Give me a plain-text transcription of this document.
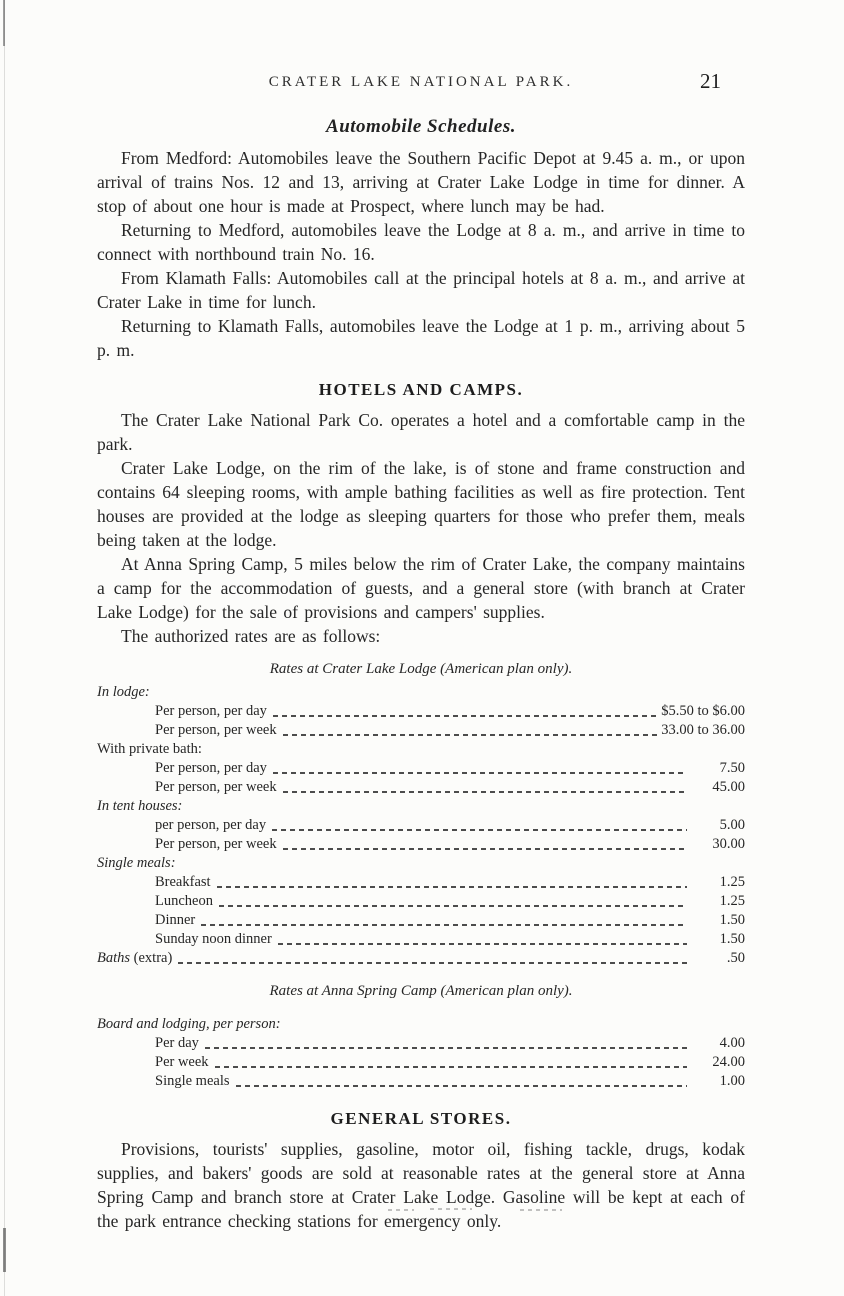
CRATER LAKE NATIONAL PARK.	21
Automobile Schedules.

From Medford: Automobiles leave the Southern Pacific Depot at 9.45 a. m., or upon arrival of trains Nos. 12 and 13, arriving at Crater Lake Lodge in time for dinner. A stop of about one hour is made at Prospect, where lunch may be had.

Returning to Medford, automobiles leave the Lodge at 8 a. m., and arrive in time to connect with northbound train No. 16.

From Klamath Falls: Automobiles call at the principal hotels at 8 a. m., and arrive at Crater Lake in time for lunch.

Returning to Klamath Falls, automobiles leave the Lodge at 1 p. m., arriving about 5 p. m.

HOTELS AND CAMPS.

The Crater Lake National Park Co. operates a hotel and a comfortable camp in the park.

Crater Lake Lodge, on the rim of the lake, is of stone and frame construction and contains 64 sleeping rooms, with ample bathing facilities as well as fire protection. Tent houses are provided at the lodge as sleeping quarters for those who prefer them, meals being taken at the lodge.

At Anna Spring Camp, 5 miles below the rim of Crater Lake, the company maintains a camp for the accommodation of guests, and a general store (with branch at Crater Lake Lodge) for the sale of provisions and campers' supplies.

The authorized rates are as follows:

Rates at Crater Lake Lodge (American plan only).
In lodge:
Per person, per day	$5.50 to $6.00
Per person, per week	33.00 to 36.00
With private bath:
Per person, per day	7.50
Per person, per week	45.00
In tent houses:
per person, per day	5.00
Per person, per week	30.00
Single meals:
Breakfast	1.25
Luncheon	1.25
Dinner	1.50
Sunday noon dinner	1.50
Baths (extra)	.50
Rates at Anna Spring Camp (American plan only).
Board and lodging, per person:
Per day	4.00
Per week	24.00
Single meals	1.00
GENERAL STORES.

Provisions, tourists' supplies, gasoline, motor oil, fishing tackle, drugs, kodak supplies, and bakers' goods are sold at reasonable rates at the general store at Anna Spring Camp and branch store at Crater Lake Lodge. Gasoline will be kept at each of the park entrance checking stations for emergency only.
